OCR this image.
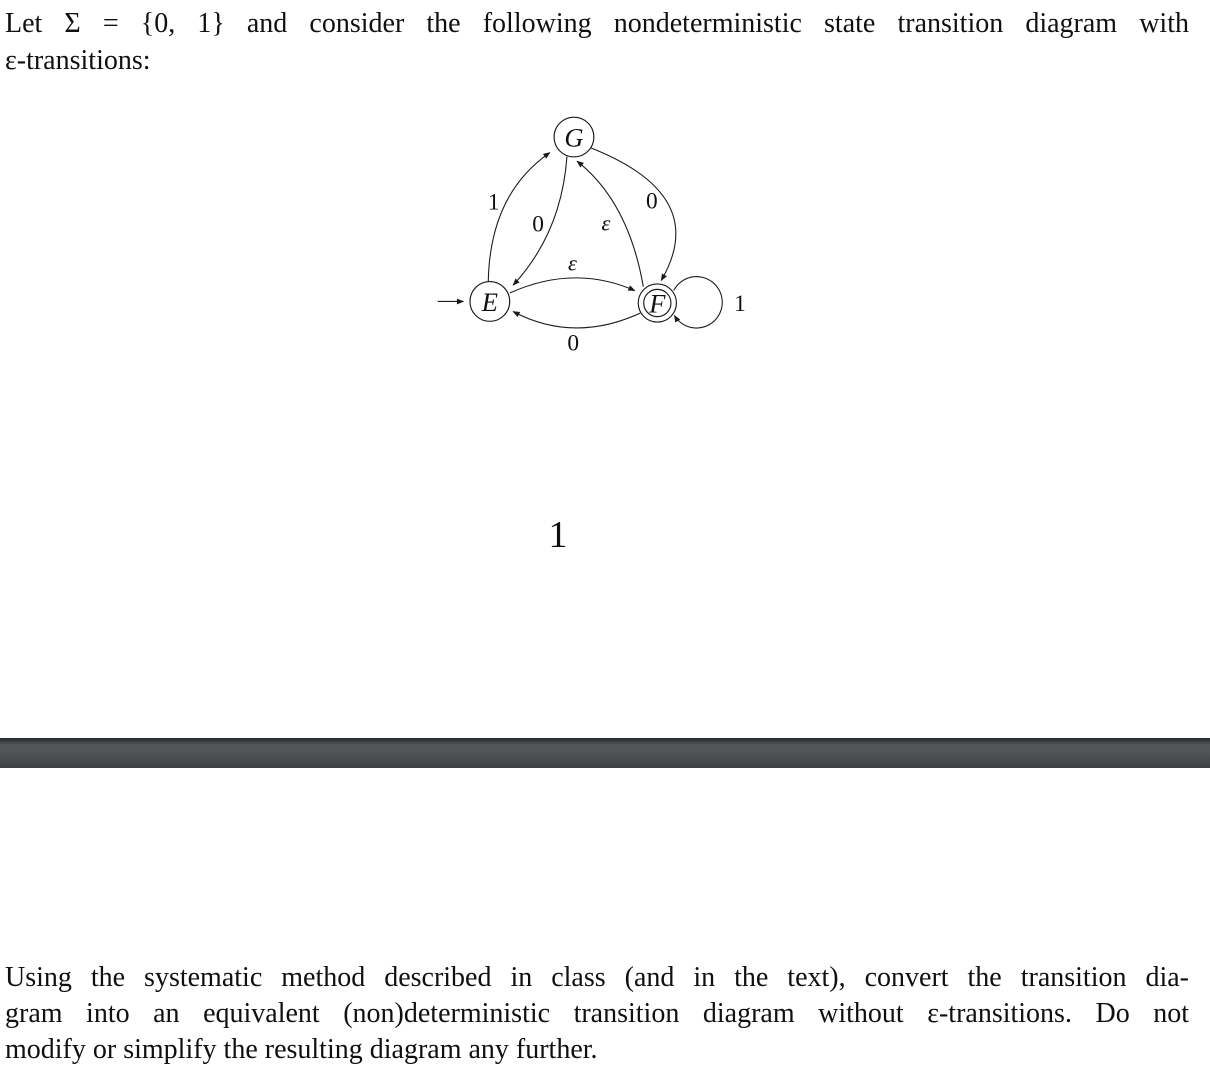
Let Σ = {0, 1} and consider the following nondeterministic state transition diagram with
ε-transitions:
1
0 ε
0
ε
0
1
G
E	F
1
Using the systematic method described in class (and in the text), convert the transition dia-
gram into an equivalent (non)deterministic transition diagram without ε-transitions. Do not
modify or simplify the resulting diagram any further.
